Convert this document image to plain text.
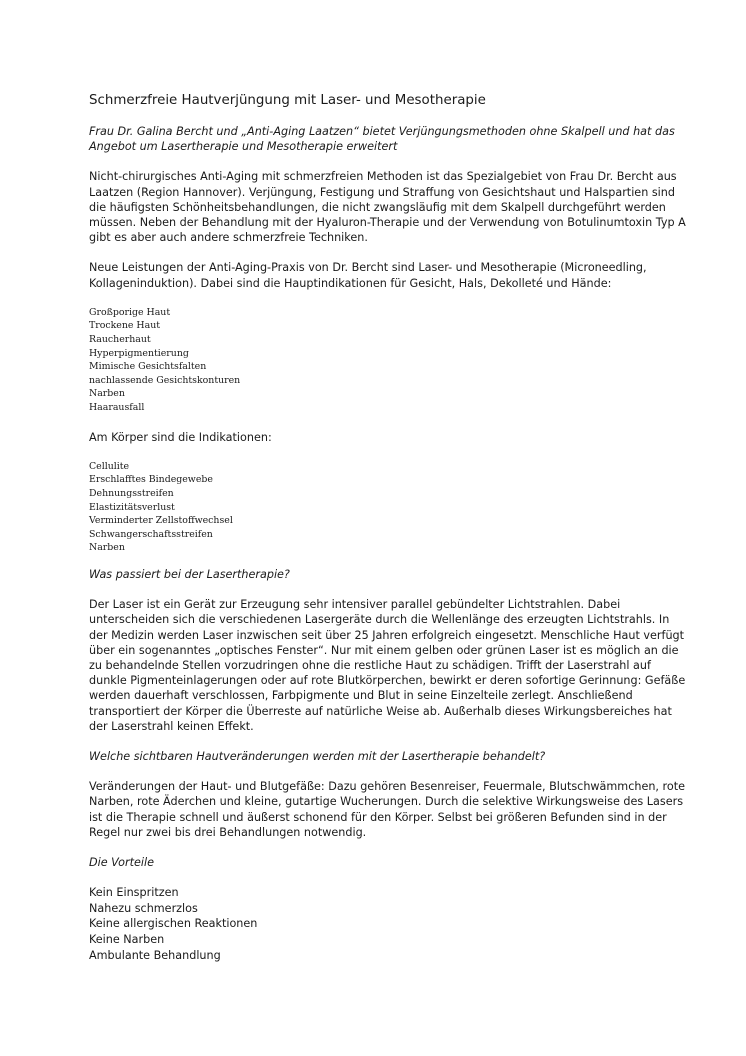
Schmerzfreie Hautverjüngung mit Laser- und Mesotherapie

Frau Dr. Galina Bercht und „Anti-Aging Laatzen“ bietet Verjüngungsmethoden ohne Skalpell und hat das Angebot um Lasertherapie und Mesotherapie erweitert

Nicht-chirurgisches Anti-Aging mit schmerzfreien Methoden ist das Spezialgebiet von Frau Dr. Bercht aus Laatzen (Region Hannover). Verjüngung, Festigung und Straffung von Gesichtshaut und Halspartien sind die häufigsten Schönheitsbehandlungen, die nicht zwangsläufig mit dem Skalpell durchgeführt werden müssen. Neben der Behandlung mit der Hyaluron-Therapie und der Verwendung von Botulinumtoxin Typ A gibt es aber auch andere schmerzfreie Techniken.

Neue Leistungen der Anti-Aging-Praxis von Dr. Bercht sind Laser- und Mesotherapie (Microneedling, Kollageninduktion). Dabei sind die Hauptindikationen für Gesicht, Hals, Dekolleté und Hände:

Großporige Haut
Trockene Haut
Raucherhaut
Hyperpigmentierung
Mimische Gesichtsfalten
nachlassende Gesichtskonturen
Narben
Haarausfall

Am Körper sind die Indikationen:

Cellulite
Erschlafftes Bindegewebe
Dehnungsstreifen
Elastizitätsverlust
Verminderter Zellstoffwechsel
Schwangerschaftsstreifen
Narben

Was passiert bei der Lasertherapie?

Der Laser ist ein Gerät zur Erzeugung sehr intensiver parallel gebündelter Lichtstrahlen. Dabei unterscheiden sich die verschiedenen Lasergeräte durch die Wellenlänge des erzeugten Lichtstrahls. In der Medizin werden Laser inzwischen seit über 25 Jahren erfolgreich eingesetzt. Menschliche Haut verfügt über ein sogenanntes „optisches Fenster“. Nur mit einem gelben oder grünen Laser ist es möglich an die zu behandelnde Stellen vorzudringen ohne die restliche Haut zu schädigen. Trifft der Laserstrahl auf dunkle Pigmenteinlagerungen oder auf rote Blutkörperchen, bewirkt er deren sofortige Gerinnung: Gefäße werden dauerhaft verschlossen, Farbpigmente und Blut in seine Einzelteile zerlegt. Anschließend transportiert der Körper die Überreste auf natürliche Weise ab. Außerhalb dieses Wirkungsbereiches hat der Laserstrahl keinen Effekt.

Welche sichtbaren Hautveränderungen werden mit der Lasertherapie behandelt?

Veränderungen der Haut- und Blutgefäße: Dazu gehören Besenreiser, Feuermale, Blutschwämmchen, rote Narben, rote Äderchen und kleine, gutartige Wucherungen. Durch die selektive Wirkungsweise des Lasers ist die Therapie schnell und äußerst schonend für den Körper. Selbst bei größeren Befunden sind in der Regel nur zwei bis drei Behandlungen notwendig.

Die Vorteile

Kein Einspritzen
Nahezu schmerzlos
Keine allergischen Reaktionen
Keine Narben
Ambulante Behandlung
